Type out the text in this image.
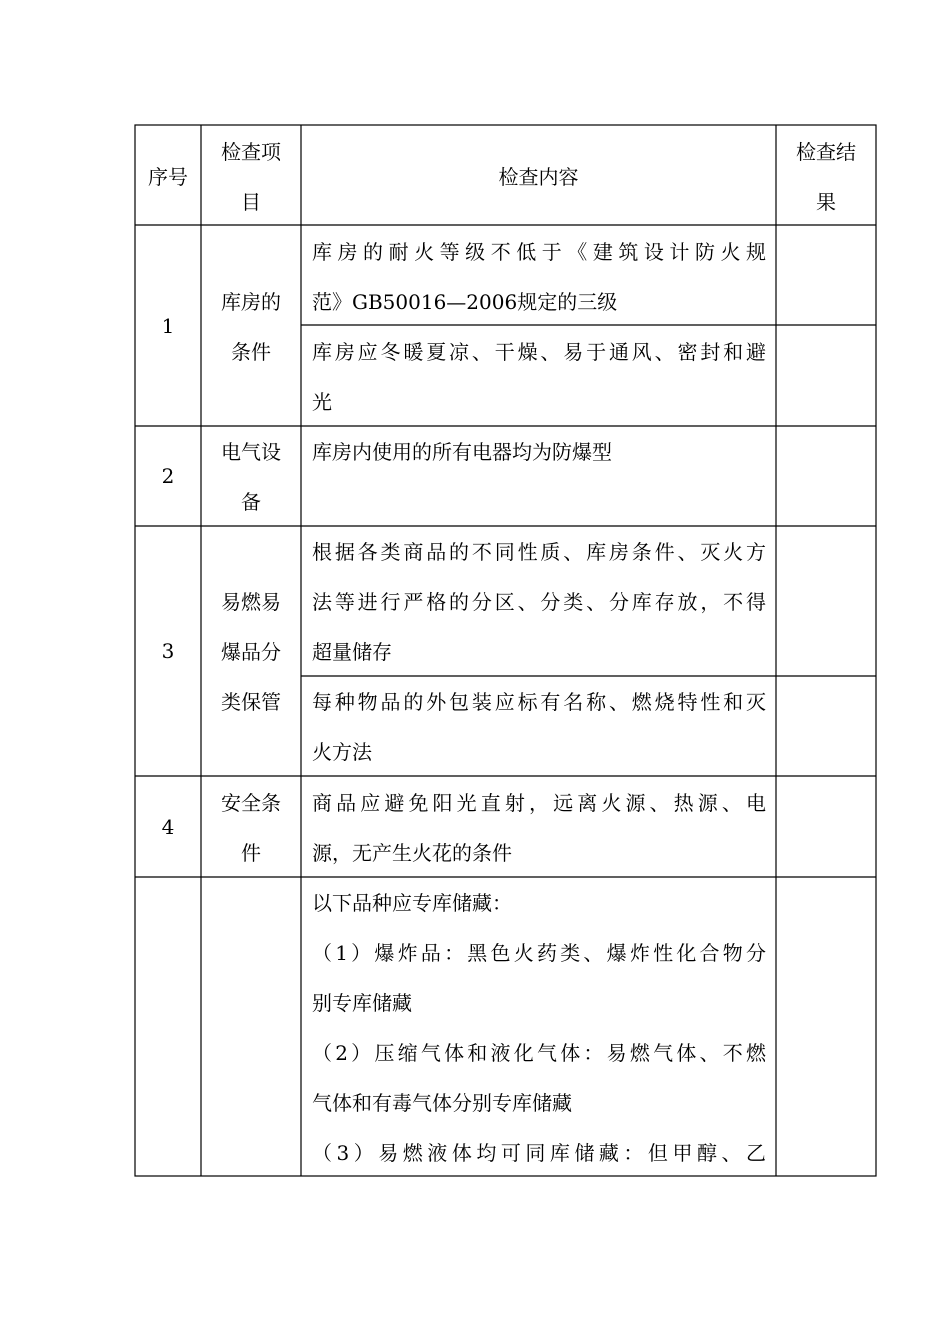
序号
检查项
目
检查内容
检查结
果
1
库房的
条件
库房的耐火等级不低于《建筑设计防火规
范》GB50016—2006规定的三级
库房应冬暖夏凉、干燥、易于通风、密封和避
光
2
电气设
备
库房内使用的所有电器均为防爆型
3
易燃易
爆品分
类保管
根据各类商品的不同性质、库房条件、灭火方
法等进行严格的分区、分类、分库存放，不得
超量储存
每种物品的外包装应标有名称、燃烧特性和灭
火方法
4
安全条
件
商品应避免阳光直射，远离火源、热源、电
源，无产生火花的条件
以下品种应专库储藏：
（1）爆炸品：黑色火药类、爆炸性化合物分
别专库储藏
（2）压缩气体和液化气体：易燃气体、不燃
气体和有毒气体分别专库储藏
（3）易燃液体均可同库储藏：但甲醇、乙
